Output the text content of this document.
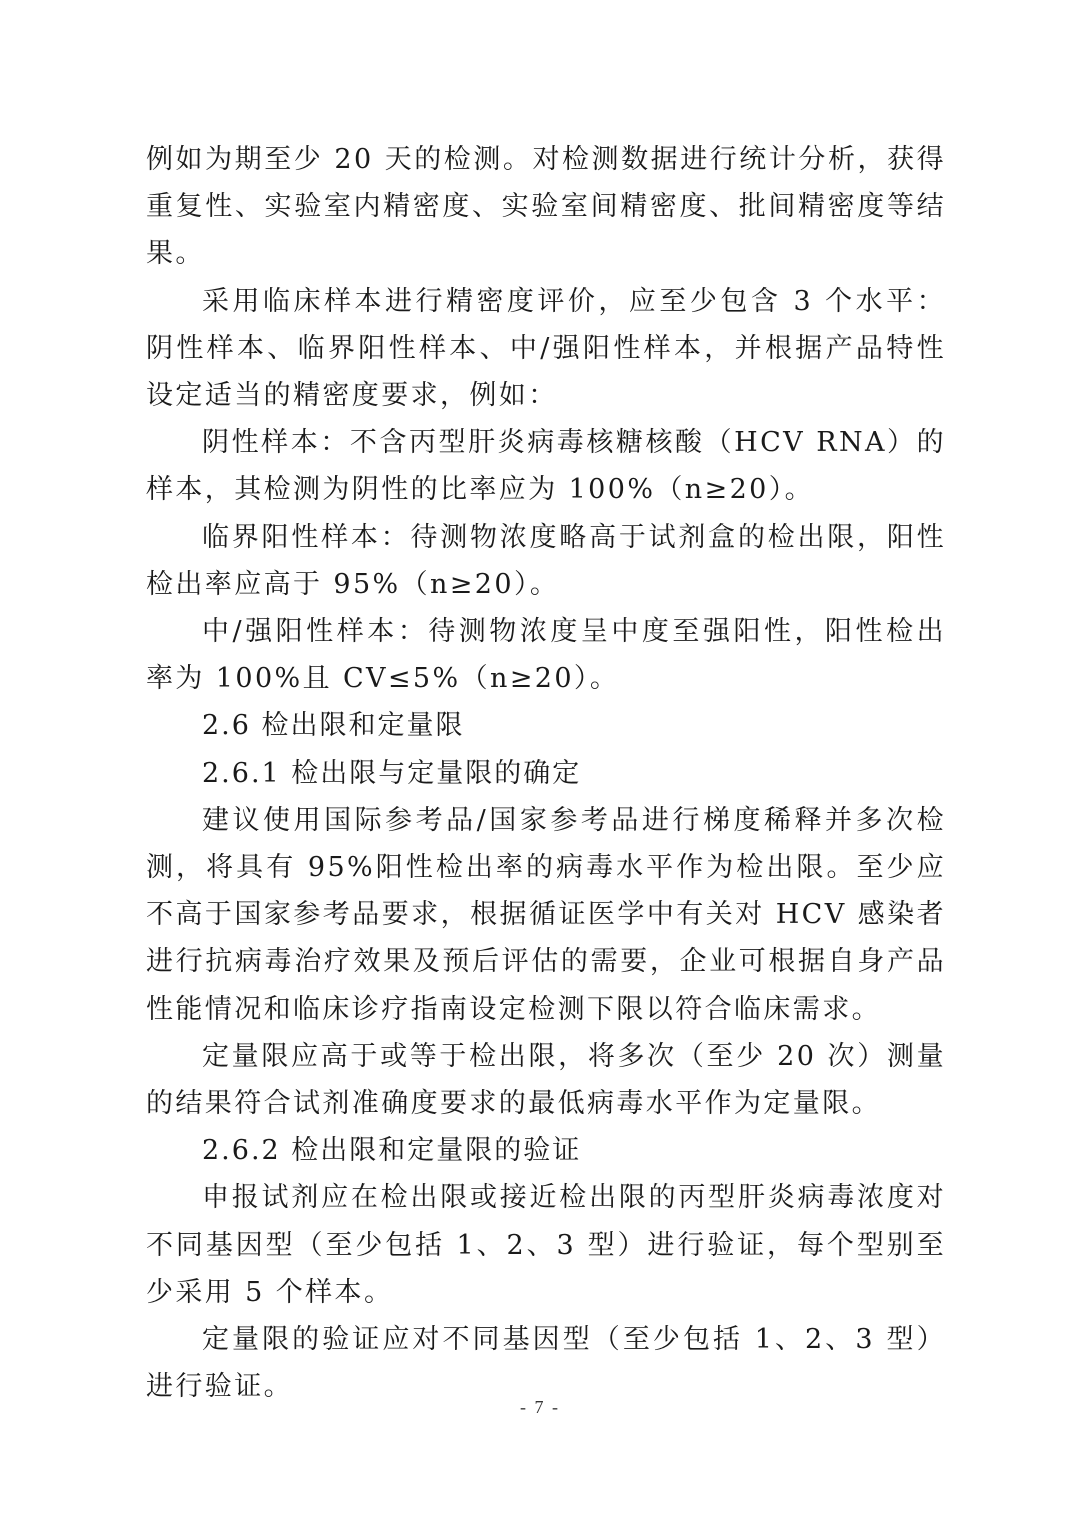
例如为期至少 20 天的检测。对检测数据进行统计分析，获得重复性、实验室内精密度、实验室间精密度、批间精密度等结果。

采用临床样本进行精密度评价，应至少包含 3 个水平：阴性样本、临界阳性样本、中/强阳性样本，并根据产品特性设定适当的精密度要求，例如：

阴性样本：不含丙型肝炎病毒核糖核酸（HCV RNA）的样本，其检测为阴性的比率应为 100%（n≥20）。

临界阳性样本：待测物浓度略高于试剂盒的检出限，阳性检出率应高于 95%（n≥20）。

中/强阳性样本：待测物浓度呈中度至强阳性，阳性检出率为 100%且 CV≤5%（n≥20）。

2.6 检出限和定量限

2.6.1 检出限与定量限的确定

建议使用国际参考品/国家参考品进行梯度稀释并多次检测，将具有 95%阳性检出率的病毒水平作为检出限。至少应不高于国家参考品要求，根据循证医学中有关对 HCV 感染者进行抗病毒治疗效果及预后评估的需要，企业可根据自身产品性能情况和临床诊疗指南设定检测下限以符合临床需求。

定量限应高于或等于检出限，将多次（至少 20 次）测量的结果符合试剂准确度要求的最低病毒水平作为定量限。

2.6.2 检出限和定量限的验证

申报试剂应在检出限或接近检出限的丙型肝炎病毒浓度对不同基因型（至少包括 1、2、3 型）进行验证，每个型别至少采用 5 个样本。

定量限的验证应对不同基因型（至少包括 1、2、3 型）进行验证。

- 7 -
